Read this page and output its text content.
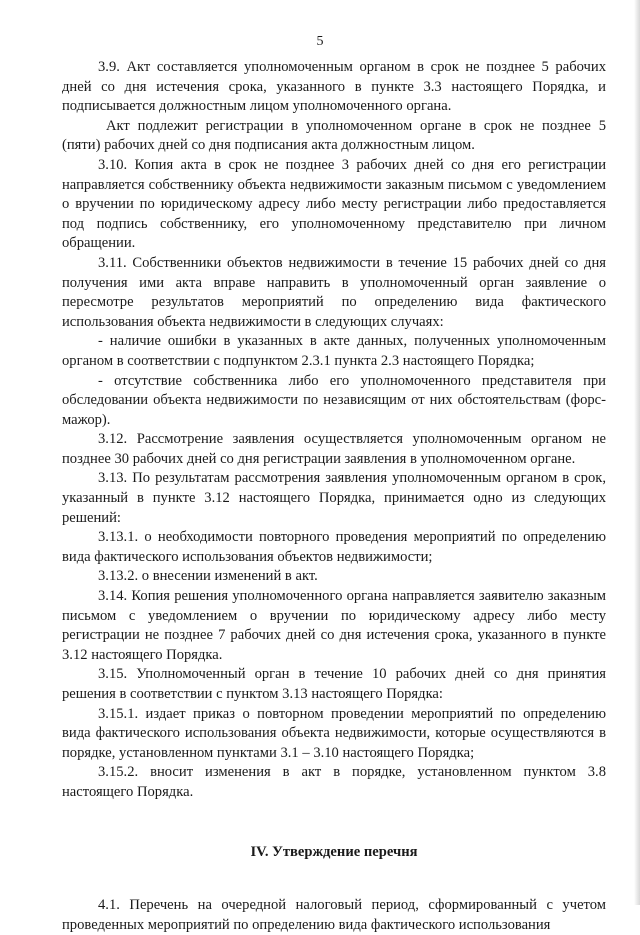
5

3.9. Акт составляется уполномоченным органом в срок не позднее 5 рабочих дней со дня истечения срока, указанного в пункте 3.3 настоящего Порядка, и подписывается должностным лицом уполномоченного органа.

Акт подлежит регистрации в уполномоченном органе в срок не позднее 5 (пяти) рабочих дней со дня подписания акта должностным лицом.

3.10. Копия акта в срок не позднее 3 рабочих дней со дня его регистрации направляется собственнику объекта недвижимости заказным письмом с уведомлением о вручении по юридическому адресу либо месту регистрации либо предоставляется под подпись собственнику, его уполномоченному представителю при личном обращении.

3.11. Собственники объектов недвижимости в течение 15 рабочих дней со дня получения ими акта вправе направить в уполномоченный орган заявление о пересмотре результатов мероприятий по определению вида фактического использования объекта недвижимости в следующих случаях:

- наличие ошибки в указанных в акте данных, полученных уполномоченным органом в соответствии с подпунктом 2.3.1 пункта 2.3 настоящего Порядка;

- отсутствие собственника либо его уполномоченного представителя при обследовании объекта недвижимости по независящим от них обстоятельствам (форс-мажор).

3.12. Рассмотрение заявления осуществляется уполномоченным органом не позднее 30 рабочих дней со дня регистрации заявления в уполномоченном органе.

3.13. По результатам рассмотрения заявления уполномоченным органом в срок, указанный в пункте 3.12 настоящего Порядка, принимается одно из следующих решений:

3.13.1. о необходимости повторного проведения мероприятий по определению вида фактического использования объектов недвижимости;

3.13.2. о внесении изменений в акт.

3.14. Копия решения уполномоченного органа направляется заявителю заказным письмом с уведомлением о вручении по юридическому адресу либо месту регистрации не позднее 7 рабочих дней со дня истечения срока, указанного в пункте 3.12 настоящего Порядка.

3.15. Уполномоченный орган в течение 10 рабочих дней со дня принятия решения в соответствии с пунктом 3.13 настоящего Порядка:

3.15.1. издает приказ о повторном проведении мероприятий по определению вида фактического использования объекта недвижимости, которые осуществляются в порядке, установленном пунктами 3.1 – 3.10 настоящего Порядка;

3.15.2. вносит изменения в акт в порядке, установленном пунктом 3.8 настоящего Порядка.

IV. Утверждение перечня

4.1. Перечень на очередной налоговый период, сформированный с учетом проведенных мероприятий по определению вида фактического использования
